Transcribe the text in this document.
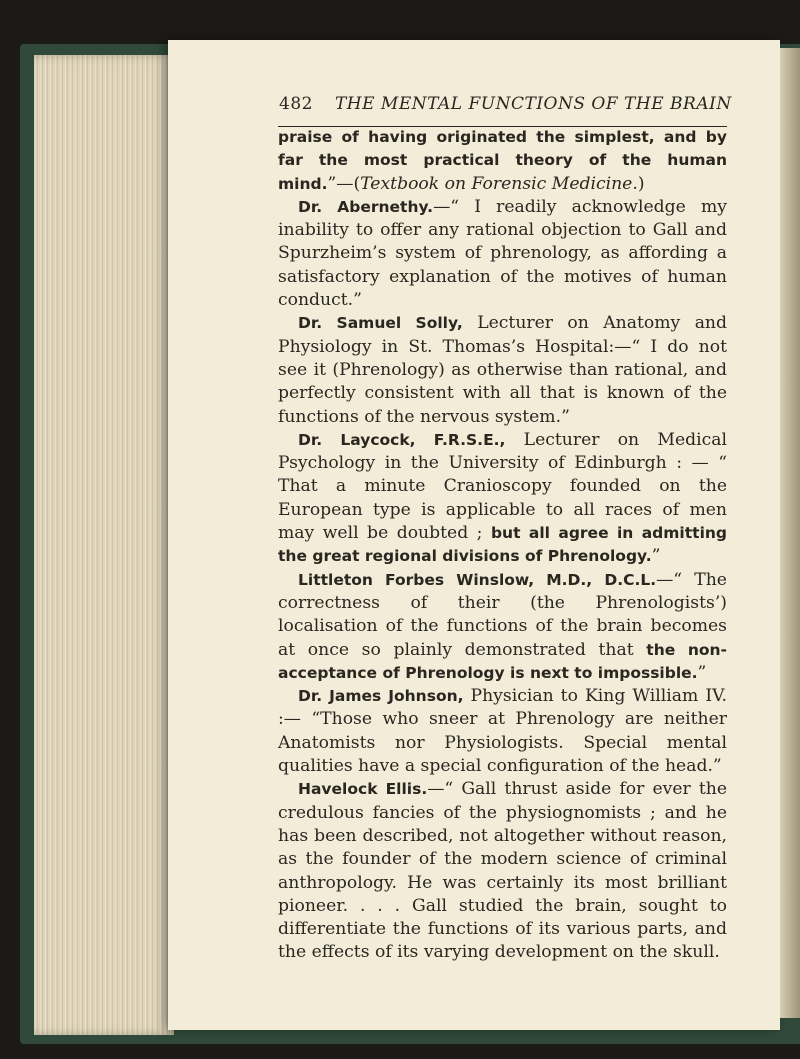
482 THE MENTAL FUNCTIONS OF THE BRAIN

praise of having originated the simplest, and by far the most practical theory of the human mind.”—(Textbook on Forensic Medicine.)

Dr. Abernethy.—“ I readily acknowledge my inability to offer any rational objection to Gall and Spurzheim’s system of phrenology, as affording a satisfactory explanation of the motives of human conduct.”

Dr. Samuel Solly, Lecturer on Anatomy and Physiology in St. Thomas’s Hospital:—“ I do not see it (Phrenology) as otherwise than rational, and perfectly consistent with all that is known of the functions of the nervous system.”

Dr. Laycock, F.R.S.E., Lecturer on Medical Psychology in the University of Edinburgh : — “ That a minute Cranioscopy founded on the European type is applicable to all races of men may well be doubted ; but all agree in admitting the great regional divisions of Phrenology.”

Littleton Forbes Winslow, M.D., D.C.L.—“ The correctness of their (the Phrenologists’) localisation of the functions of the brain becomes at once so plainly demonstrated that the non-acceptance of Phrenology is next to impossible.”

Dr. James Johnson, Physician to King William IV. :— “Those who sneer at Phrenology are neither Anatomists nor Physiologists. Special mental qualities have a special configuration of the head.”

Havelock Ellis.—“ Gall thrust aside for ever the credulous fancies of the physiognomists ; and he has been described, not altogether without reason, as the founder of the modern science of criminal anthropology. He was certainly its most brilliant pioneer. . . . Gall studied the brain, sought to differentiate the functions of its various parts, and the effects of its varying development on the skull.
